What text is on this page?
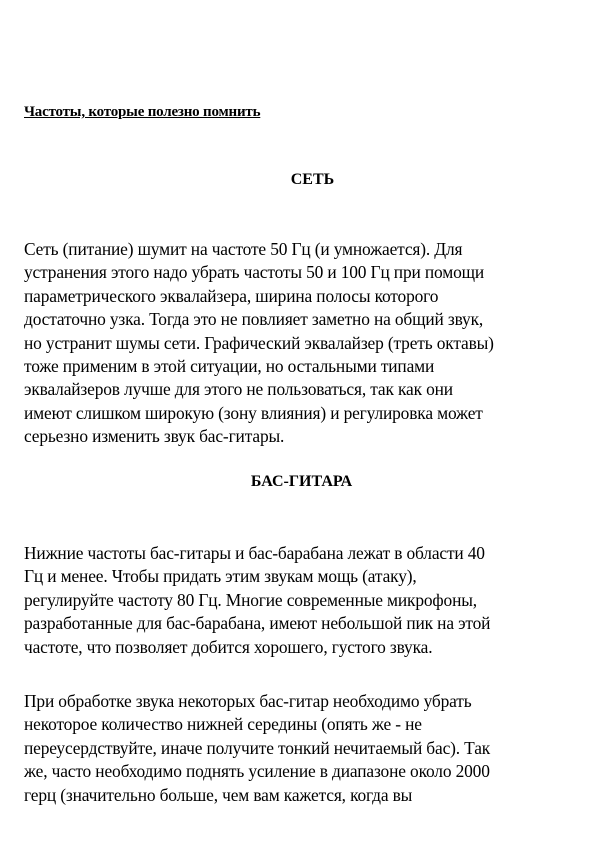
Частоты, которые полезно помнить
СЕТЬ
Сеть (питание) шумит на частоте 50 Гц (и умножается). Для
устранения этого надо убрать частоты 50 и 100 Гц при помощи
параметрического эквалайзера, ширина полосы которого
достаточно узка. Тогда это не повлияет заметно на общий звук,
но устранит шумы сети. Графический эквалайзер (треть октавы)
тоже применим в этой ситуации, но остальными типами
эквалайзеров лучше для этого не пользоваться, так как они
имеют слишком широкую (зону влияния) и регулировка может
серьезно изменить звук бас-гитары.
БАС-ГИТАРА
Нижние частоты бас-гитары и бас-барабана лежат в области 40
Гц и менее. Чтобы придать этим звукам мощь (атаку),
регулируйте частоту 80 Гц. Многие современные микрофоны,
разработанные для бас-барабана, имеют небольшой пик на этой
частоте, что позволяет добится хорошего, густого звука.
При обработке звука некоторых бас-гитар необходимо убрать
некоторое количество нижней середины (опять же - не
переусердствуйте, иначе получите тонкий нечитаемый бас). Так
же, часто необходимо поднять усиление в диапазоне около 2000
герц (значительно больше, чем вам кажется, когда вы
